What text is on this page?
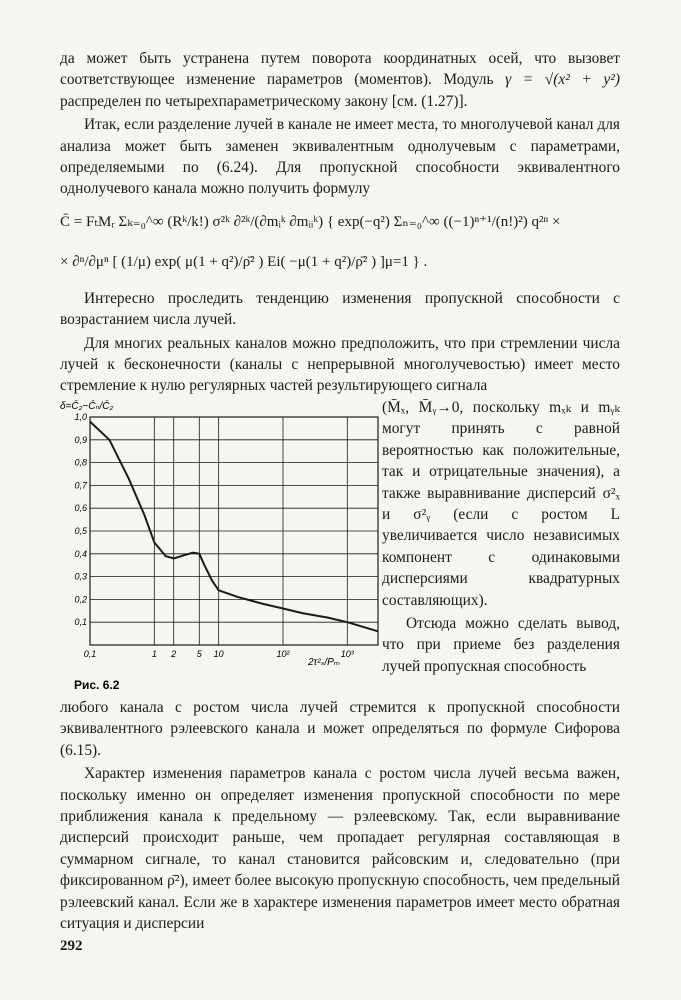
да может быть устранена путем поворота координатных осей, что вызовет соответствующее изменение параметров (моментов). Модуль γ = √(x² + y²) распределен по четырехпараметрическому закону [см. (1.27)].

Итак, если разделение лучей в канале не имеет места, то многолучевой канал для анализа может быть заменен эквивалентным однолучевым с параметрами, определяемыми по (6.24). Для пропускной способности эквивалентного однолучевого канала можно получить формулу

C̄ = FₜMᵣ Σₖ₌₀^∞ (Rᵏ/k!) σ²ᵏ ∂²ᵏ/(∂mᵢᵏ ∂mᵢᵢᵏ) { exp(−q²) Σₙ₌₀^∞ ((−1)ⁿ⁺¹/(n!)²) q²ⁿ ×
× ∂ⁿ/∂μⁿ [ (1/μ) exp( μ(1 + q²)/ρ̄² ) Ei( −μ(1 + q²)/ρ̄² ) ]μ=1 } .

Интересно проследить тенденцию изменения пропускной способности с возрастанием числа лучей.

Для многих реальных каналов можно предположить, что при стремлении числа лучей к бесконечности (каналы с непрерывной многолучевостью) имеет место стремление к нулю регулярных частей результирующего сигнала

0,1
0,2
0,3
0,4
0,5
0,6
0,7
0,8
0,9
1,0
0,1	1 2 5 10	10²	10³
δ=C̄₂−C̄ₙ/C̄₂
2τ²ₛ/Pₘ
Рис. 6.2

(M̄ₓ, M̄ᵧ→0, поскольку mₓₖ и mᵧₖ могут принять с равной вероятностью как положительные, так и отрицательные значения), а также выравнивание дисперсий σ²ₓ и σ²ᵧ (если с ростом L увеличивается число независимых компонент с одинаковыми дисперсиями квадратурных составляющих).

Отсюда можно сделать вывод, что при приеме без разделения лучей пропускная способность

любого канала с ростом числа лучей стремится к пропускной способности эквивалентного рэлеевского канала и может определяться по формуле Сифорова (6.15).

Характер изменения параметров канала с ростом числа лучей весьма важен, поскольку именно он определяет изменения пропускной способности по мере приближения канала к предельному — рэлеевскому. Так, если выравнивание дисперсий происходит раньше, чем пропадает регулярная составляющая в суммарном сигнале, то канал становится райсовским и, следовательно (при фиксированном ρ̄²), имеет более высокую пропускную способность, чем предельный рэлеевский канал. Если же в характере изменения параметров имеет место обратная ситуация и дисперсии

292
